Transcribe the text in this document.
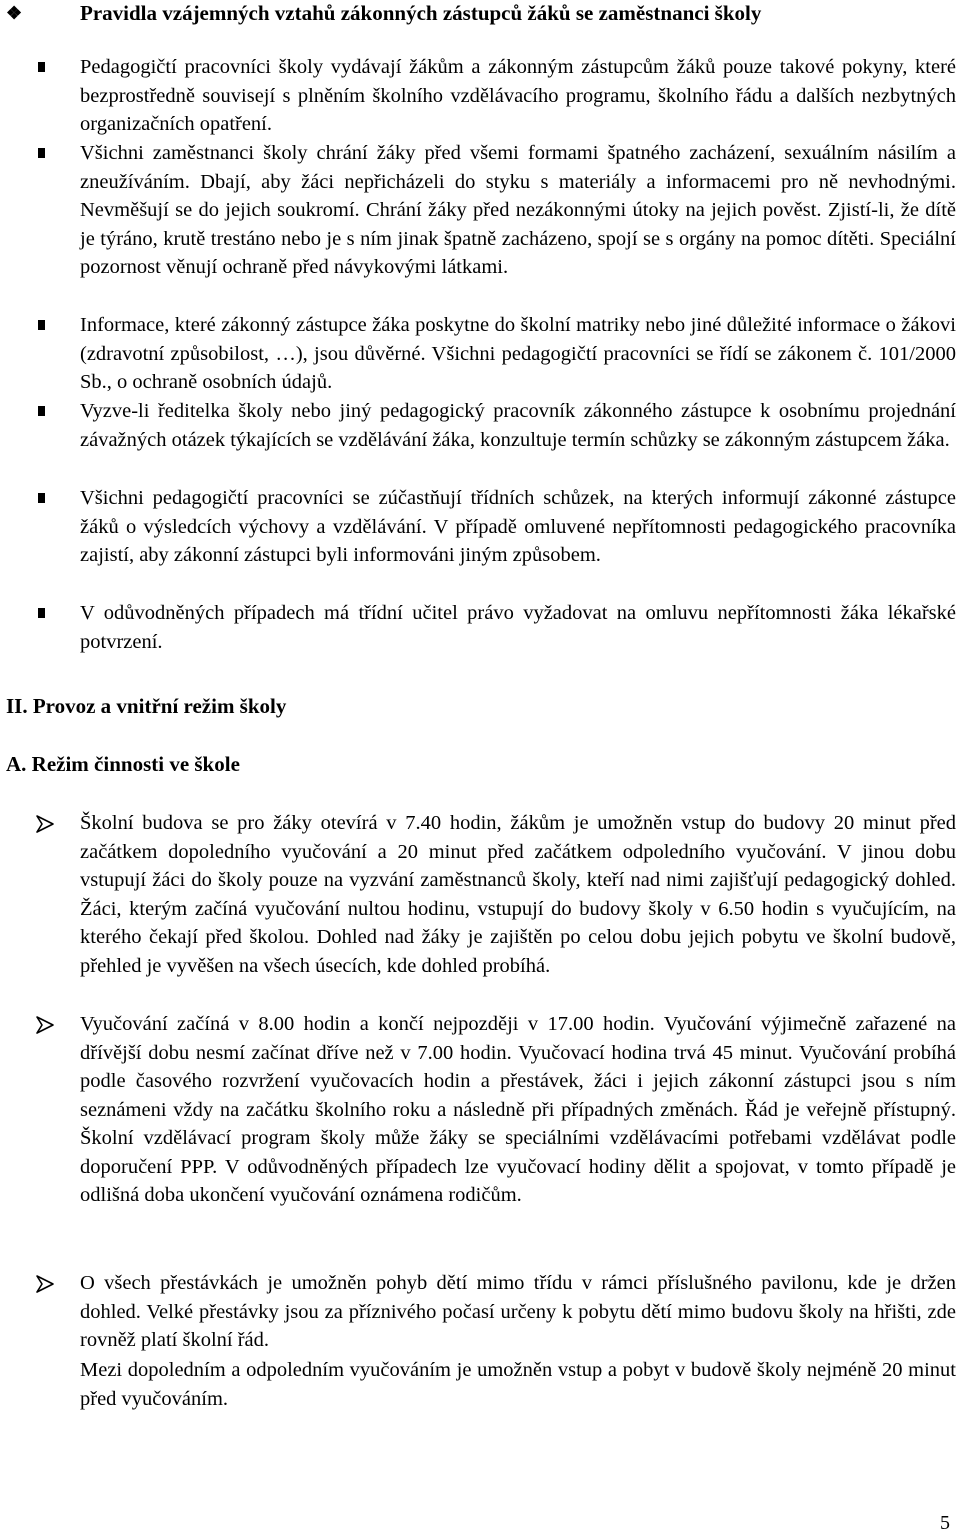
❖	Pravidla vzájemných vztahů zákonných zástupců žáků se zaměstnanci školy
Pedagogičtí pracovníci školy vydávají žákům a zákonným zástupcům žáků pouze takové pokyny, které bezprostředně souvisejí s plněním školního vzdělávacího programu, školního řádu a dalších nezbytných organizačních opatření.
Všichni zaměstnanci školy chrání žáky před všemi formami špatného zacházení, sexuálním násilím a zneužíváním. Dbají, aby žáci nepřicházeli do styku s materiály a informacemi pro ně nevhodnými. Nevměšují se do jejich soukromí. Chrání žáky před nezákonnými útoky na jejich pověst. Zjistí-li, že dítě je týráno, krutě trestáno nebo je s ním jinak špatně zacházeno, spojí se s orgány na pomoc dítěti. Speciální pozornost věnují ochraně před návykovými látkami.
Informace, které zákonný zástupce žáka poskytne do školní matriky nebo jiné důležité informace o žákovi (zdravotní způsobilost, …), jsou důvěrné. Všichni pedagogičtí pracovníci se řídí se zákonem č. 101/2000 Sb., o ochraně osobních údajů.
Vyzve-li ředitelka školy nebo jiný pedagogický pracovník zákonného zástupce k osobnímu projednání závažných otázek týkajících se vzdělávání žáka, konzultuje termín schůzky se zákonným zástupcem žáka.
Všichni pedagogičtí pracovníci se zúčastňují třídních schůzek, na kterých informují zákonné zástupce žáků o výsledcích výchovy a vzdělávání. V případě omluvené nepřítomnosti pedagogického pracovníka zajistí, aby zákonní zástupci byli informováni jiným způsobem.
V odůvodněných případech má třídní učitel právo vyžadovat na omluvu nepřítomnosti žáka lékařské potvrzení.
II. Provoz a vnitřní režim školy
A. Režim činnosti ve škole
Školní budova se pro žáky otevírá v 7.40 hodin, žákům je umožněn vstup do budovy 20 minut před začátkem dopoledního vyučování a 20 minut před začátkem odpoledního vyučování. V jinou dobu vstupují žáci do školy pouze na vyzvání zaměstnanců školy, kteří nad nimi zajišťují pedagogický dohled. Žáci, kterým začíná vyučování nultou hodinu, vstupují do budovy školy v 6.50 hodin s vyučujícím, na kterého čekají před školou. Dohled nad žáky je zajištěn po celou dobu jejich pobytu ve školní budově, přehled je vyvěšen na všech úsecích, kde dohled probíhá.
Vyučování začíná v 8.00 hodin a končí nejpozději v 17.00 hodin. Vyučování výjimečně zařazené na dřívější dobu nesmí začínat dříve než v 7.00 hodin. Vyučovací hodina trvá 45 minut. Vyučování probíhá podle časového rozvržení vyučovacích hodin a přestávek, žáci i jejich zákonní zástupci jsou s ním seznámeni vždy na začátku školního roku a následně při případných změnách. Řád je veřejně přístupný. Školní vzdělávací program školy může žáky se speciálními vzdělávacími potřebami vzdělávat podle doporučení PPP. V odůvodněných případech lze vyučovací hodiny dělit a spojovat, v tomto případě je odlišná doba ukončení vyučování oznámena rodičům.
O všech přestávkách je umožněn pohyb dětí mimo třídu v rámci příslušného pavilonu, kde je držen dohled. Velké přestávky jsou za příznivého počasí určeny k pobytu dětí mimo budovu školy na hřišti, zde rovněž platí školní řád.
Mezi dopoledním a odpoledním vyučováním je umožněn vstup a pobyt v budově školy nejméně 20 minut před vyučováním.
5
